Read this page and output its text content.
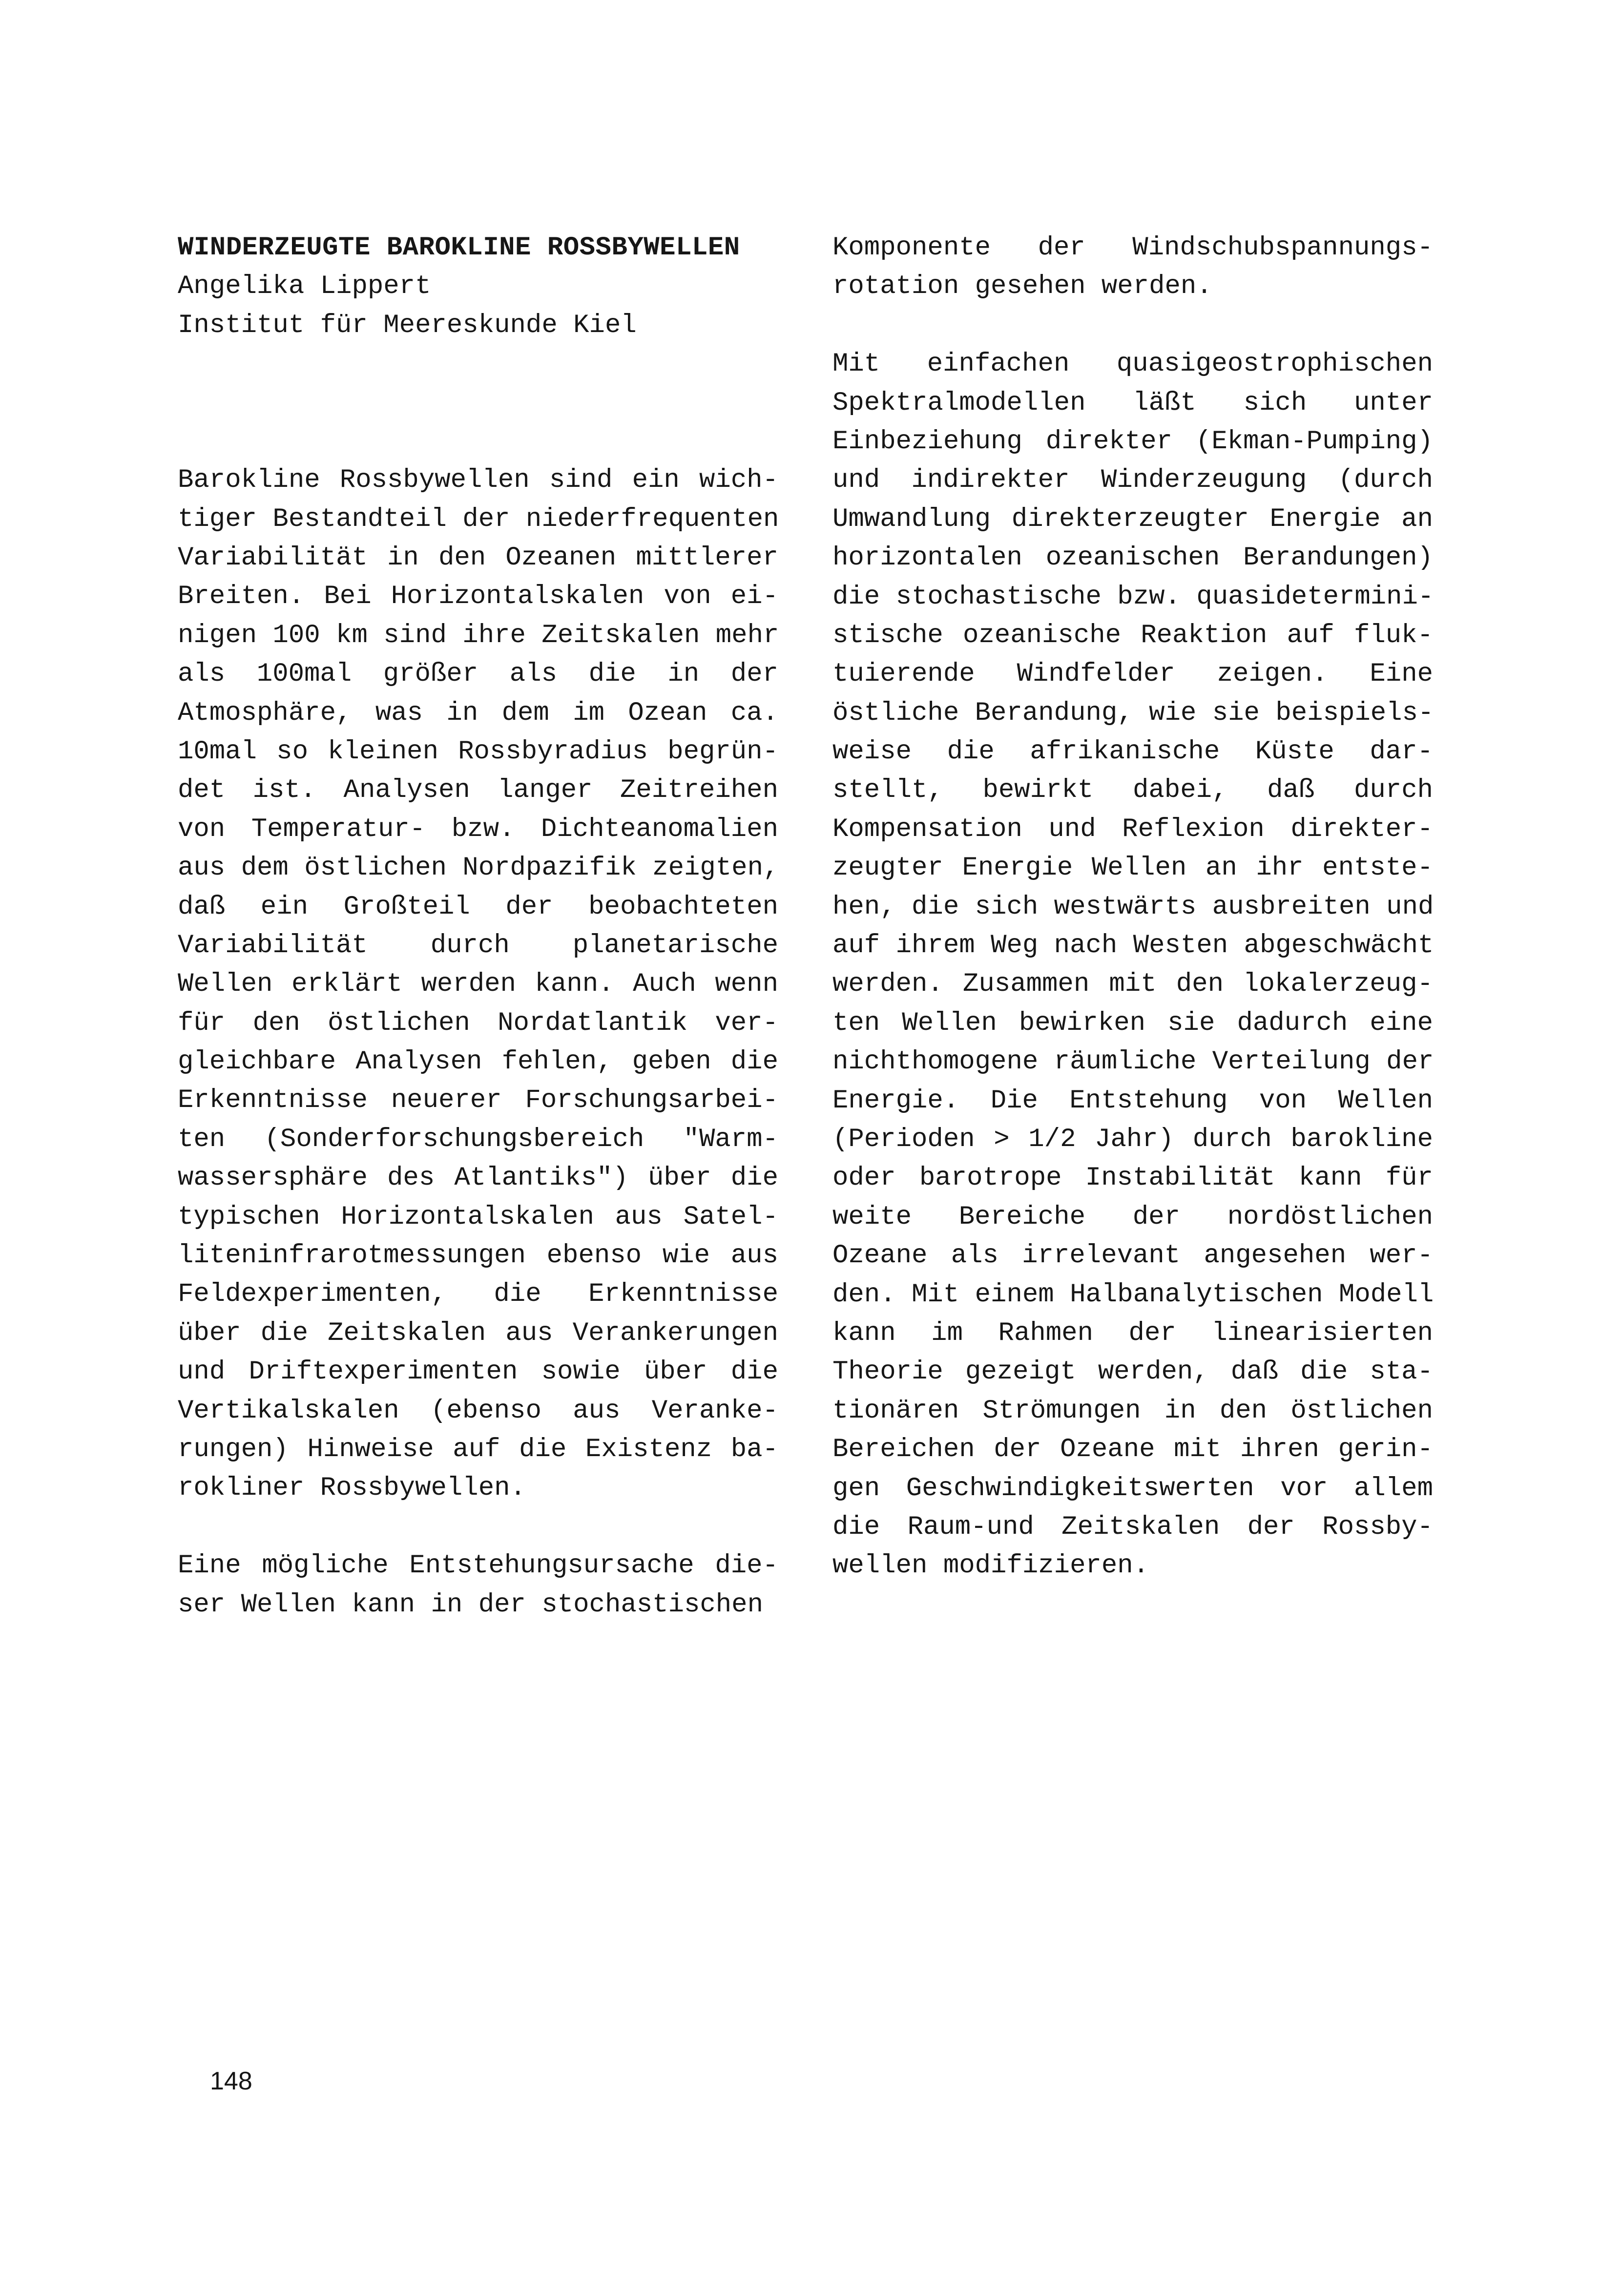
WINDERZEUGTE BAROKLINE ROSSBYWELLEN
Angelika Lippert
Institut für Meereskunde Kiel
Barokline Rossbywellen sind ein wich-
tiger Bestandteil der niederfrequenten
Variabilität in den Ozeanen mittlerer
Breiten. Bei Horizontalskalen von ei-
nigen 100 km sind ihre Zeitskalen mehr
als 100mal größer als die in der
Atmosphäre, was in dem im Ozean ca.
10mal so kleinen Rossbyradius begrün-
det ist. Analysen langer Zeitreihen
von Temperatur- bzw. Dichteanomalien
aus dem östlichen Nordpazifik zeigten,
daß ein Großteil der beobachteten
Variabilität durch planetarische
Wellen erklärt werden kann. Auch wenn
für den östlichen Nordatlantik ver-
gleichbare Analysen fehlen, geben die
Erkenntnisse neuerer Forschungsarbei-
ten (Sonderforschungsbereich "Warm-
wassersphäre des Atlantiks") über die
typischen Horizontalskalen aus Satel-
liteninfrarotmessungen ebenso wie aus
Feldexperimenten, die Erkenntnisse
über die Zeitskalen aus Verankerungen
und Driftexperimenten sowie über die
Vertikalskalen (ebenso aus Veranke-
rungen) Hinweise auf die Existenz ba-
rokliner Rossbywellen.
Eine mögliche Entstehungsursache die-
ser Wellen kann in der stochastischen
Komponente der Windschubspannungs-
rotation gesehen werden.
Mit einfachen quasigeostrophischen
Spektralmodellen läßt sich unter
Einbeziehung direkter (Ekman-Pumping)
und indirekter Winderzeugung (durch
Umwandlung direkterzeugter Energie an
horizontalen ozeanischen Berandungen)
die stochastische bzw. quasidetermini-
stische ozeanische Reaktion auf fluk-
tuierende Windfelder zeigen. Eine
östliche Berandung, wie sie beispiels-
weise die afrikanische Küste dar-
stellt, bewirkt dabei, daß durch
Kompensation und Reflexion direkter-
zeugter Energie Wellen an ihr entste-
hen, die sich westwärts ausbreiten und
auf ihrem Weg nach Westen abgeschwächt
werden. Zusammen mit den lokalerzeug-
ten Wellen bewirken sie dadurch eine
nichthomogene räumliche Verteilung der
Energie. Die Entstehung von Wellen
(Perioden > 1/2 Jahr) durch barokline
oder barotrope Instabilität kann für
weite Bereiche der nordöstlichen
Ozeane als irrelevant angesehen wer-
den. Mit einem Halbanalytischen Modell
kann im Rahmen der linearisierten
Theorie gezeigt werden, daß die sta-
tionären Strömungen in den östlichen
Bereichen der Ozeane mit ihren gerin-
gen Geschwindigkeitswerten vor allem
die Raum-und Zeitskalen der Rossby-
wellen modifizieren.
148
